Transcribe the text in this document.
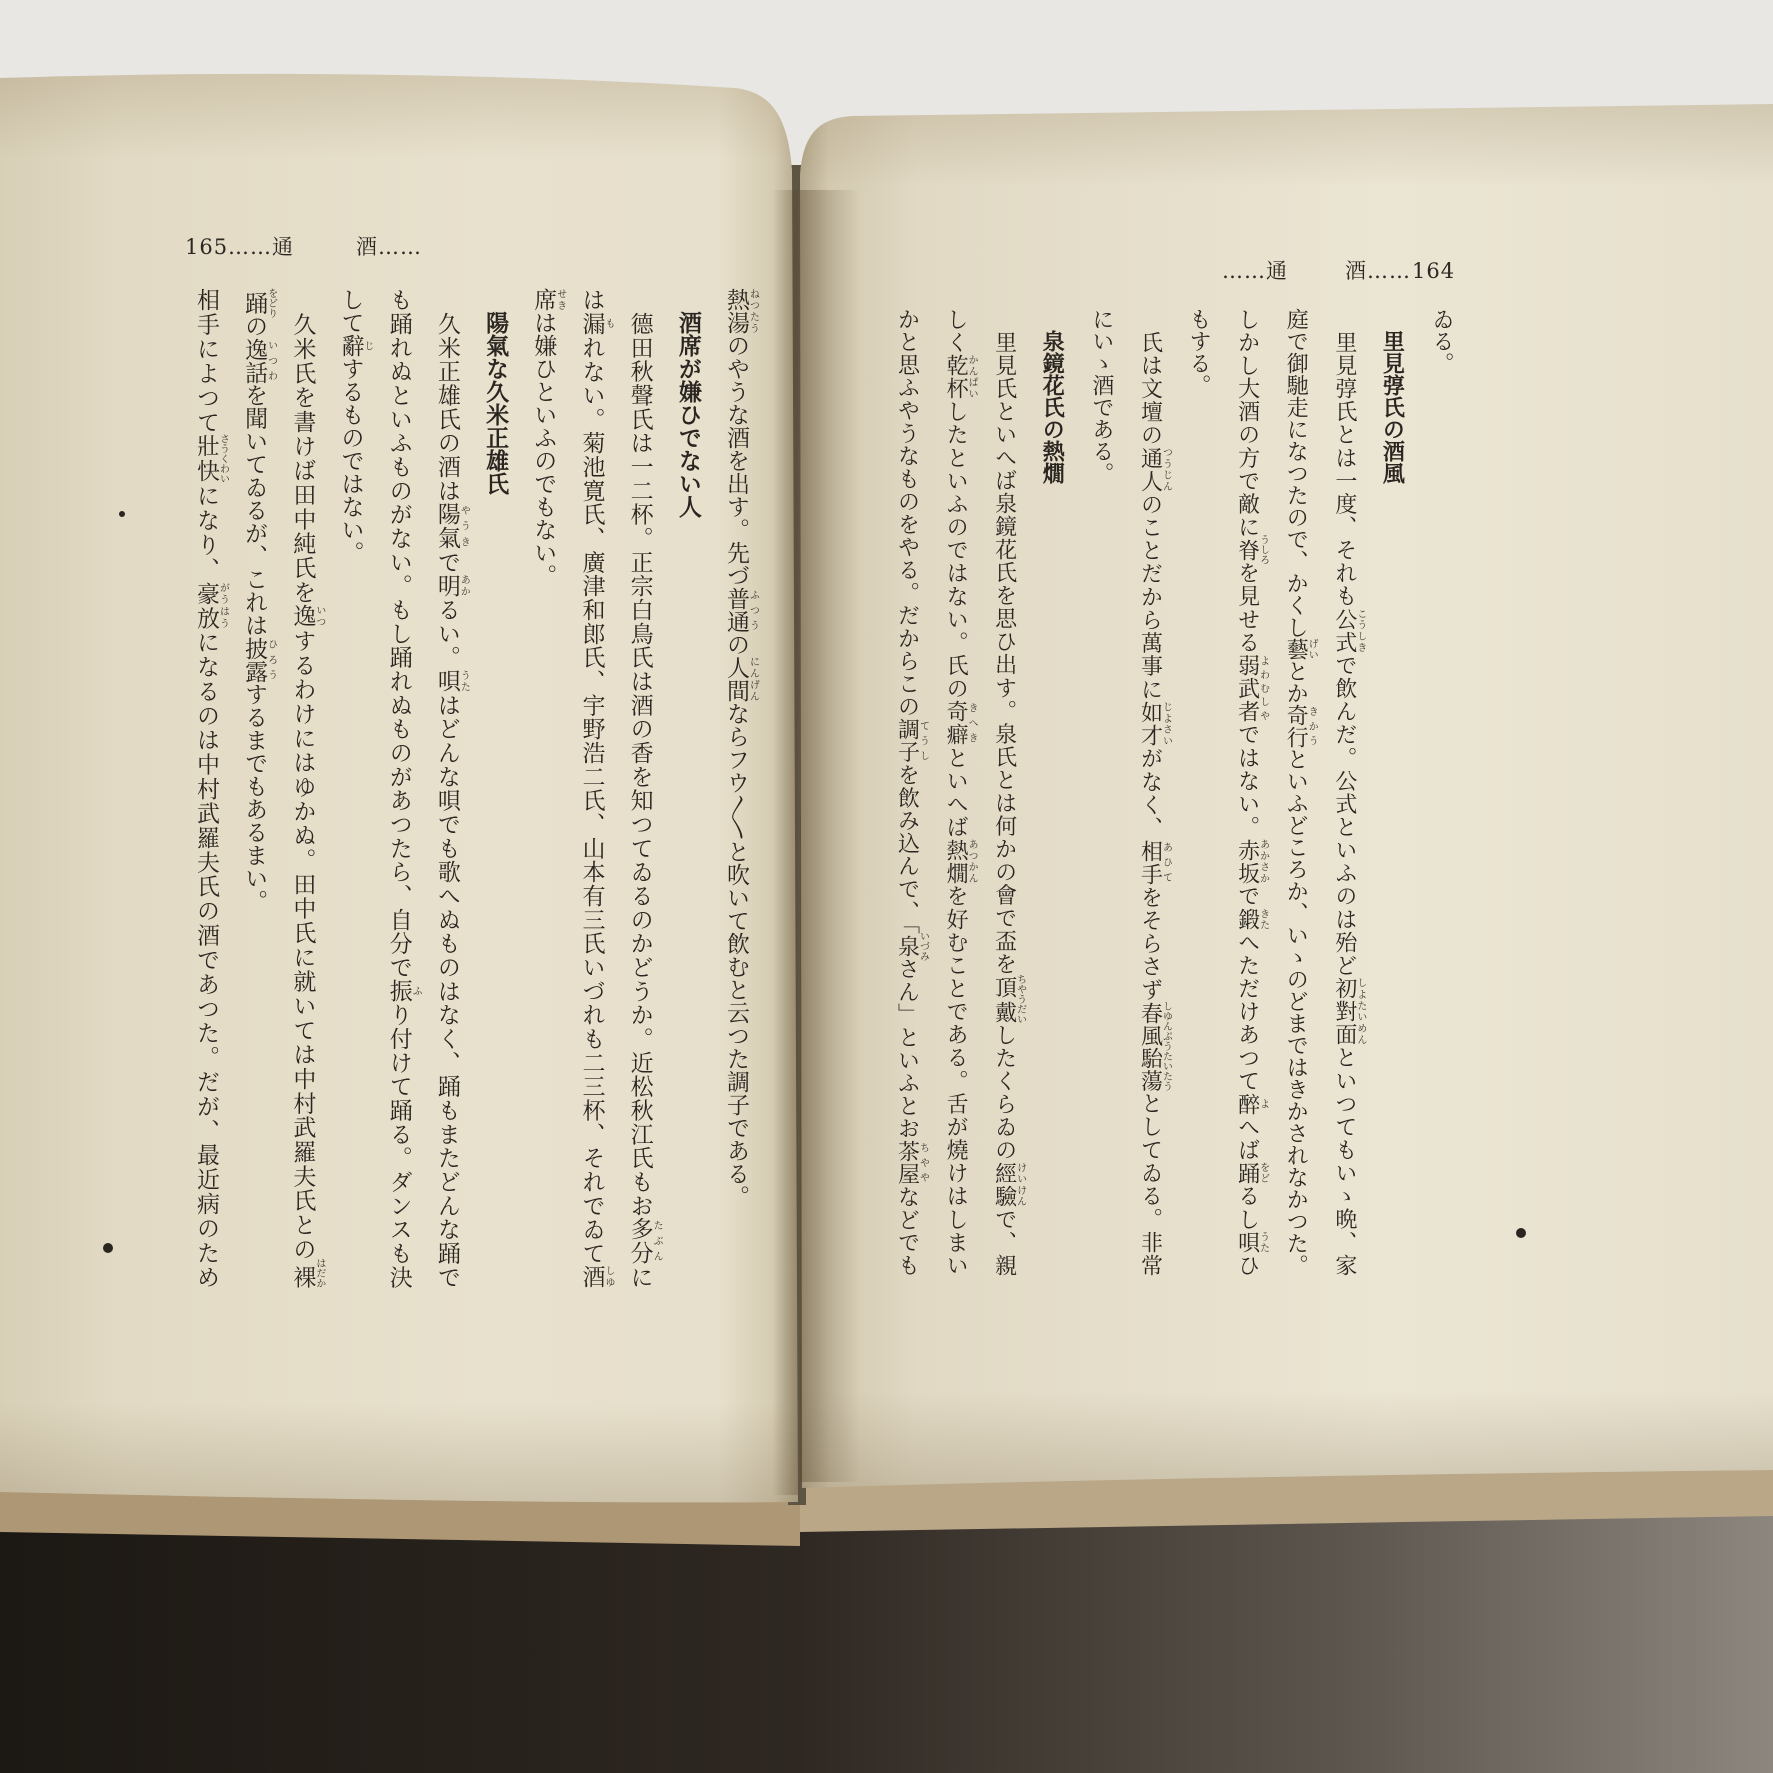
165 ……通	酒……
……通	酒…… 164
ゐる。
里見弴氏の酒風
　里見弴氏とは一度、それも公式こうしきで飲んだ。公式といふのは殆ど初對面しよたいめんといつてもいゝ晩、家
庭で御馳走になつたので、かくし藝げいとか奇行きかうといふどころか、いゝのどまではきかされなかつた。
しかし大酒の方で敵に脊うしろを見せる弱武者よわむしやではない。赤坂あかさかで鍛きたへただけあつて醉よへば踊をどるし唄うたひ
もする。
　氏は文壇の通人つうじんのことだから萬事に如才じよさいがなく、相手あひてをそらさず春風駘蕩しゆんぷうたいたうとしてゐる。非常
にいゝ酒である。
泉鏡花氏の熱燗
　里見氏といへば泉鏡花氏を思ひ出す。泉氏とは何かの會で盃を頂戴ちやうだいしたくらゐの經驗けいけんで、親
しく乾杯かんぱいしたといふのではない。氏の奇癖きへきといへば熱燗あつかんを好むことである。舌が燒けはしまい
かと思ふやうなものをやる。だからこの調子てうしを飲み込んで、「泉いづみさん」といふとお茶屋ちややなどでも
熱湯ねつたうのやうな酒を出す。先づ普通ふつうの人間にんげんならフウ〳〵と吹いて飲むと云つた調子である。
酒席が嫌ひでない人
　德田秋聲氏は一二杯。正宗白鳥氏は酒の香を知つてゐるのかどうか。近松秋江氏もお多分たぶんに
は漏もれない。菊池寛氏、廣津和郎氏、宇野浩二氏、山本有三氏いづれも二三杯、それでゐて酒しゆ
席せきは嫌ひといふのでもない。
陽氣な久米正雄氏
　久米正雄氏の酒は陽氣やうきで明あかるい。唄うたはどんな唄でも歌へぬものはなく、踊もまたどんな踊で
も踊れぬといふものがない。もし踊れぬものがあつたら、自分で振ふり付けて踊る。ダンスも決
して辭じするものではない。
　久米氏を書けば田中純氏を逸いつするわけにはゆかぬ。田中氏に就いては中村武羅夫氏との裸はだか
踊をどりの逸話いつわを聞いてゐるが、これは披露ひろうするまでもあるまい。
相手によつて壯快さうくわいになり、豪放がうはうになるのは中村武羅夫氏の酒であつた。だが、最近病のため
